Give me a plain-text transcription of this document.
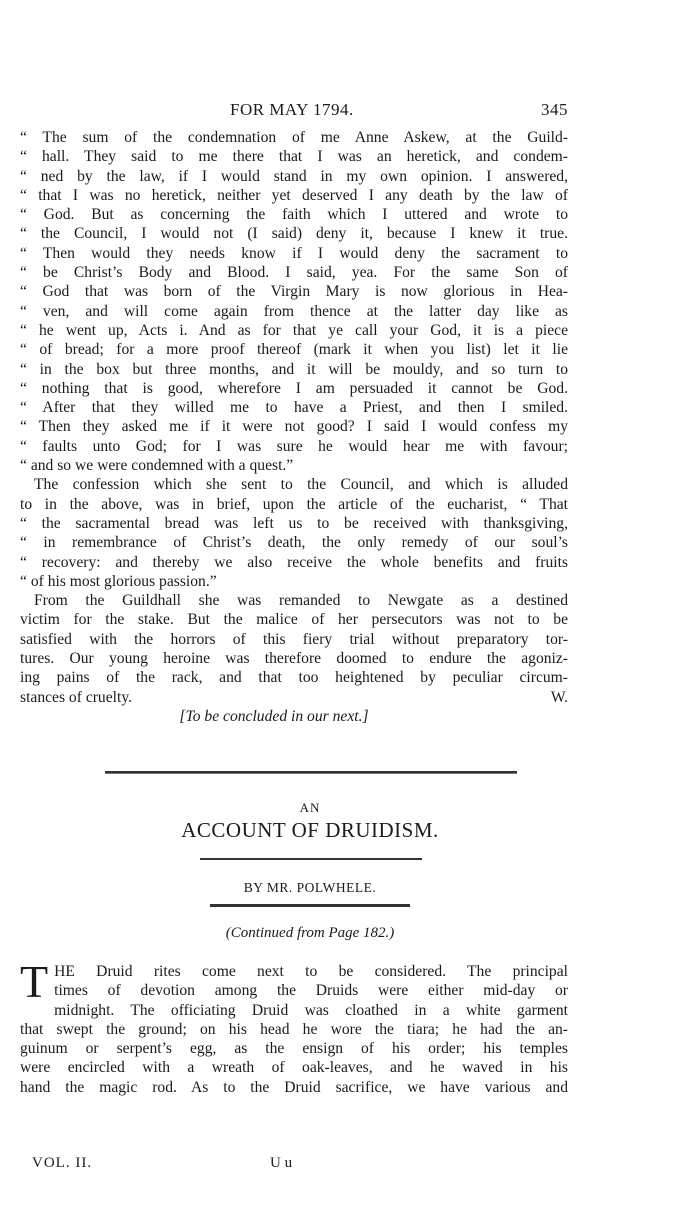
FOR MAY 1794.	345
“ The sum of the condemnation of me Anne Askew, at the Guild-
“ hall. They said to me there that I was an heretick, and condem-
“ ned by the law, if I would stand in my own opinion. I answered,
“ that I was no heretick, neither yet deserved I any death by the law of
“ God. But as concerning the faith which I uttered and wrote to
“ the Council, I would not (I said) deny it, because I knew it true.
“ Then would they needs know if I would deny the sacrament to
“ be Christ’s Body and Blood. I said, yea. For the same Son of
“ God that was born of the Virgin Mary is now glorious in Hea-
“ ven, and will come again from thence at the latter day like as
“ he went up, Acts i. And as for that ye call your God, it is a piece
“ of bread; for a more proof thereof (mark it when you list) let it lie
“ in the box but three months, and it will be mouldy, and so turn to
“ nothing that is good, wherefore I am persuaded it cannot be God.
“ After that they willed me to have a Priest, and then I smiled.
“ Then they asked me if it were not good? I said I would confess my
“ faults unto God; for I was sure he would hear me with favour;
“ and so we were condemned with a quest.”
The confession which she sent to the Council, and which is alluded
to in the above, was in brief, upon the article of the eucharist, “ That
“ the sacramental bread was left us to be received with thanksgiving,
“ in remembrance of Christ’s death, the only remedy of our soul’s
“ recovery: and thereby we also receive the whole benefits and fruits
“ of his most glorious passion.”
From the Guildhall she was remanded to Newgate as a destined
victim for the stake. But the malice of her persecutors was not to be
satisfied with the horrors of this fiery trial without preparatory tor-
tures. Our young heroine was therefore doomed to endure the agoniz-
ing pains of the rack, and that too heightened by peculiar circum-
stances of cruelty.	W.
[To be concluded in our next.]
AN
ACCOUNT OF DRUIDISM.
BY MR. POLWHELE.
(Continued from Page 182.)
T HE Druid rites come next to be considered. The principal
times of devotion among the Druids were either mid-day or
midnight. The officiating Druid was cloathed in a white garment
that swept the ground; on his head he wore the tiara; he had the an-
guinum or serpent’s egg, as the ensign of his order; his temples
were encircled with a wreath of oak-leaves, and he waved in his
hand the magic rod. As to the Druid sacrifice, we have various and
VOL. II.	U u
